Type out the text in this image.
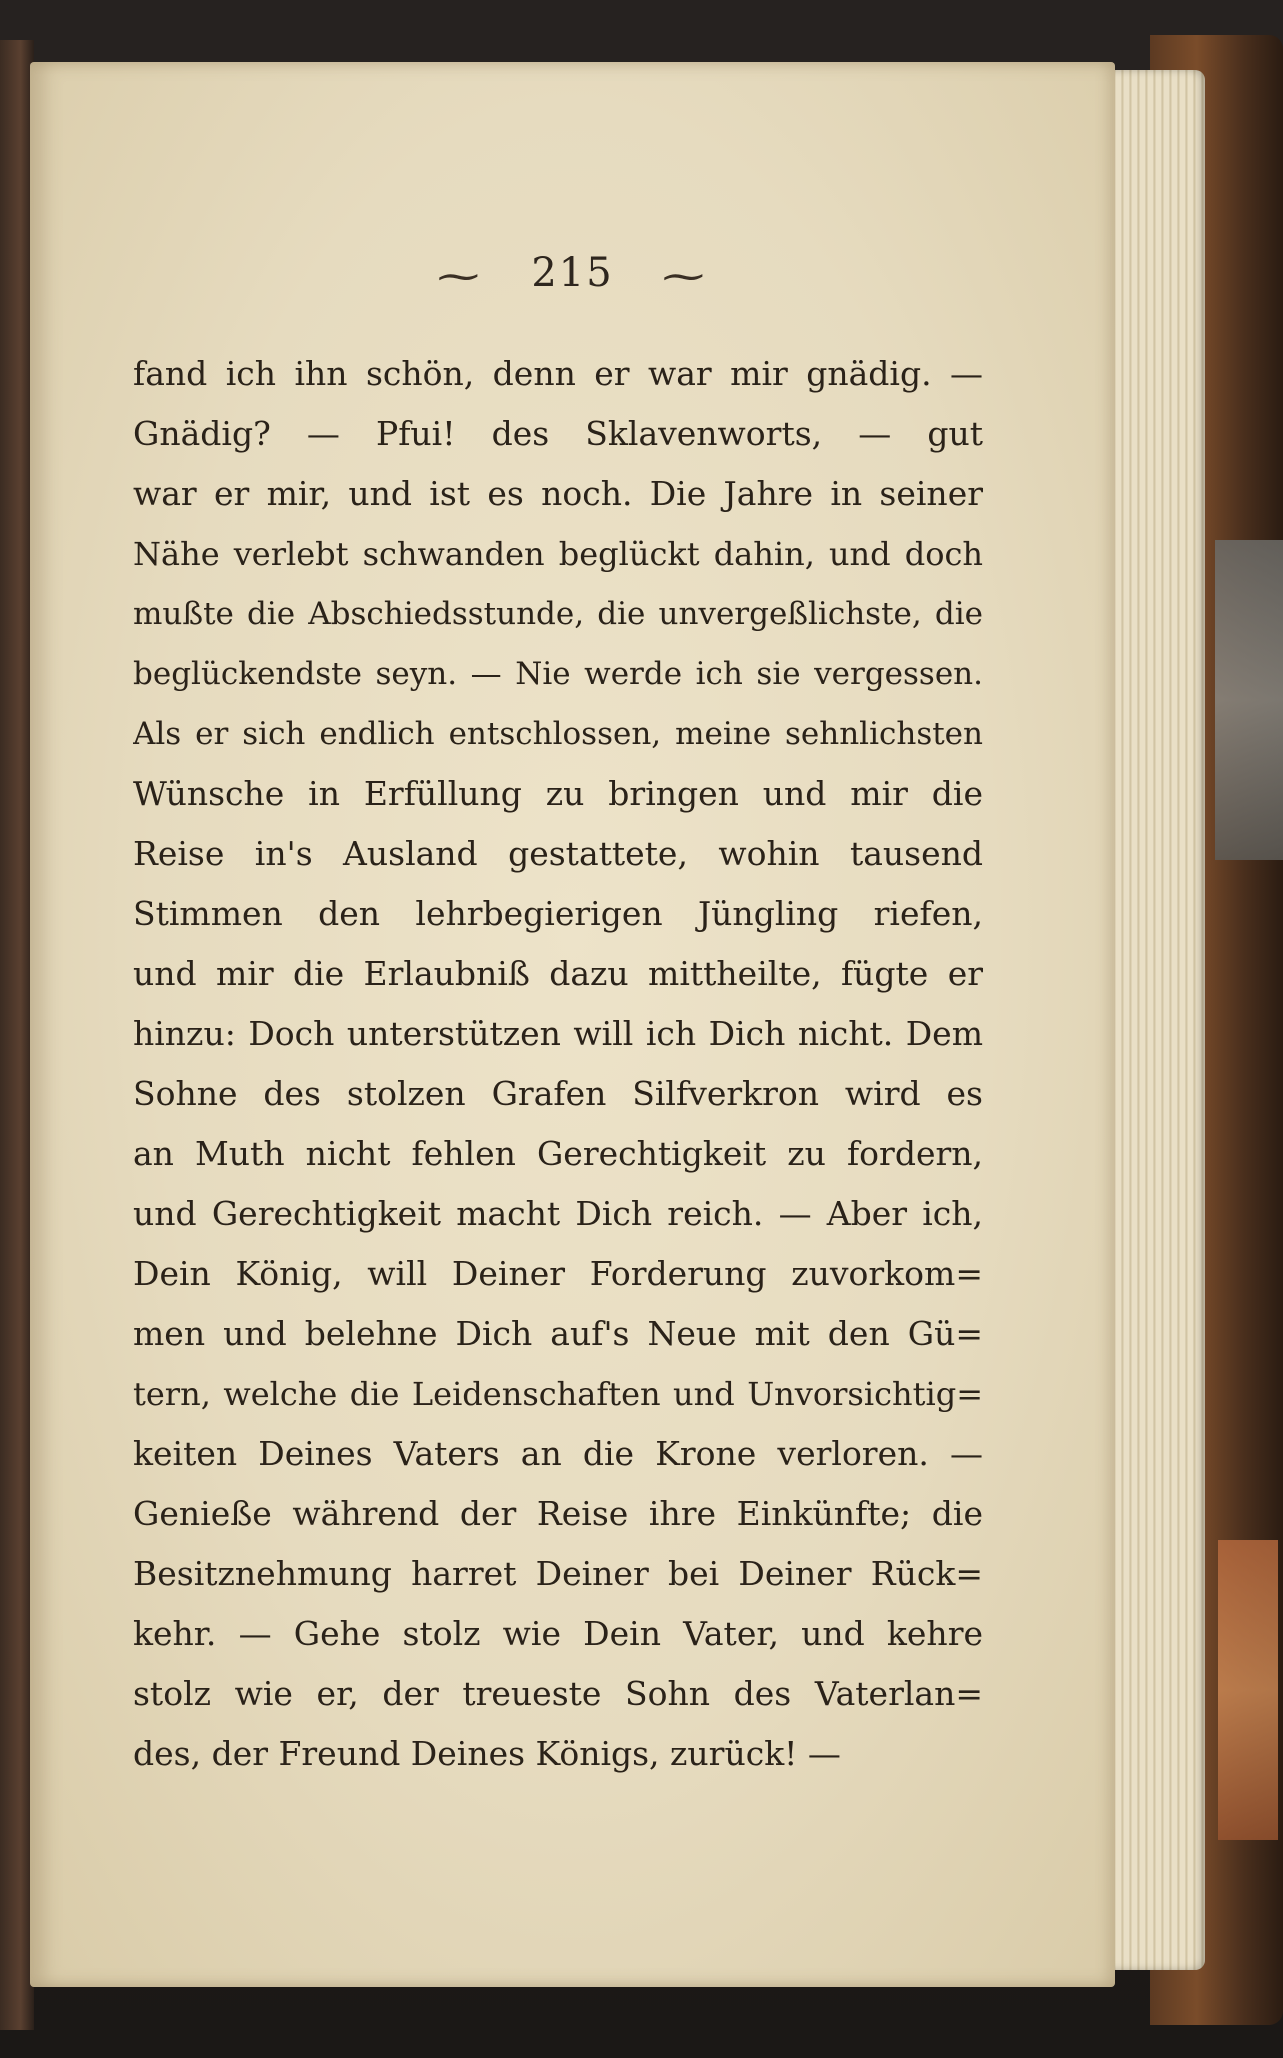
~ 215 ~
fand ich ihn schön, denn er war mir gnädig. —
Gnädig? — Pfui! des Sklavenworts, — gut
war er mir, und ist es noch. Die Jahre in seiner
Nähe verlebt schwanden beglückt dahin, und doch
mußte die Abschiedsstunde, die unvergeßlichste, die
beglückendste seyn. — Nie werde ich sie vergessen.
Als er sich endlich entschlossen, meine sehnlichsten
Wünsche in Erfüllung zu bringen und mir die
Reise in's Ausland gestattete, wohin tausend
Stimmen den lehrbegierigen Jüngling riefen,
und mir die Erlaubniß dazu mittheilte, fügte er
hinzu: Doch unterstützen will ich Dich nicht. Dem
Sohne des stolzen Grafen Silfverkron wird es
an Muth nicht fehlen Gerechtigkeit zu fordern,
und Gerechtigkeit macht Dich reich. — Aber ich,
Dein König, will Deiner Forderung zuvorkom=
men und belehne Dich auf's Neue mit den Gü=
tern, welche die Leidenschaften und Unvorsichtig=
keiten Deines Vaters an die Krone verloren. —
Genieße während der Reise ihre Einkünfte; die
Besitznehmung harret Deiner bei Deiner Rück=
kehr. — Gehe stolz wie Dein Vater, und kehre
stolz wie er, der treueste Sohn des Vaterlan=
des, der Freund Deines Königs, zurück! —
